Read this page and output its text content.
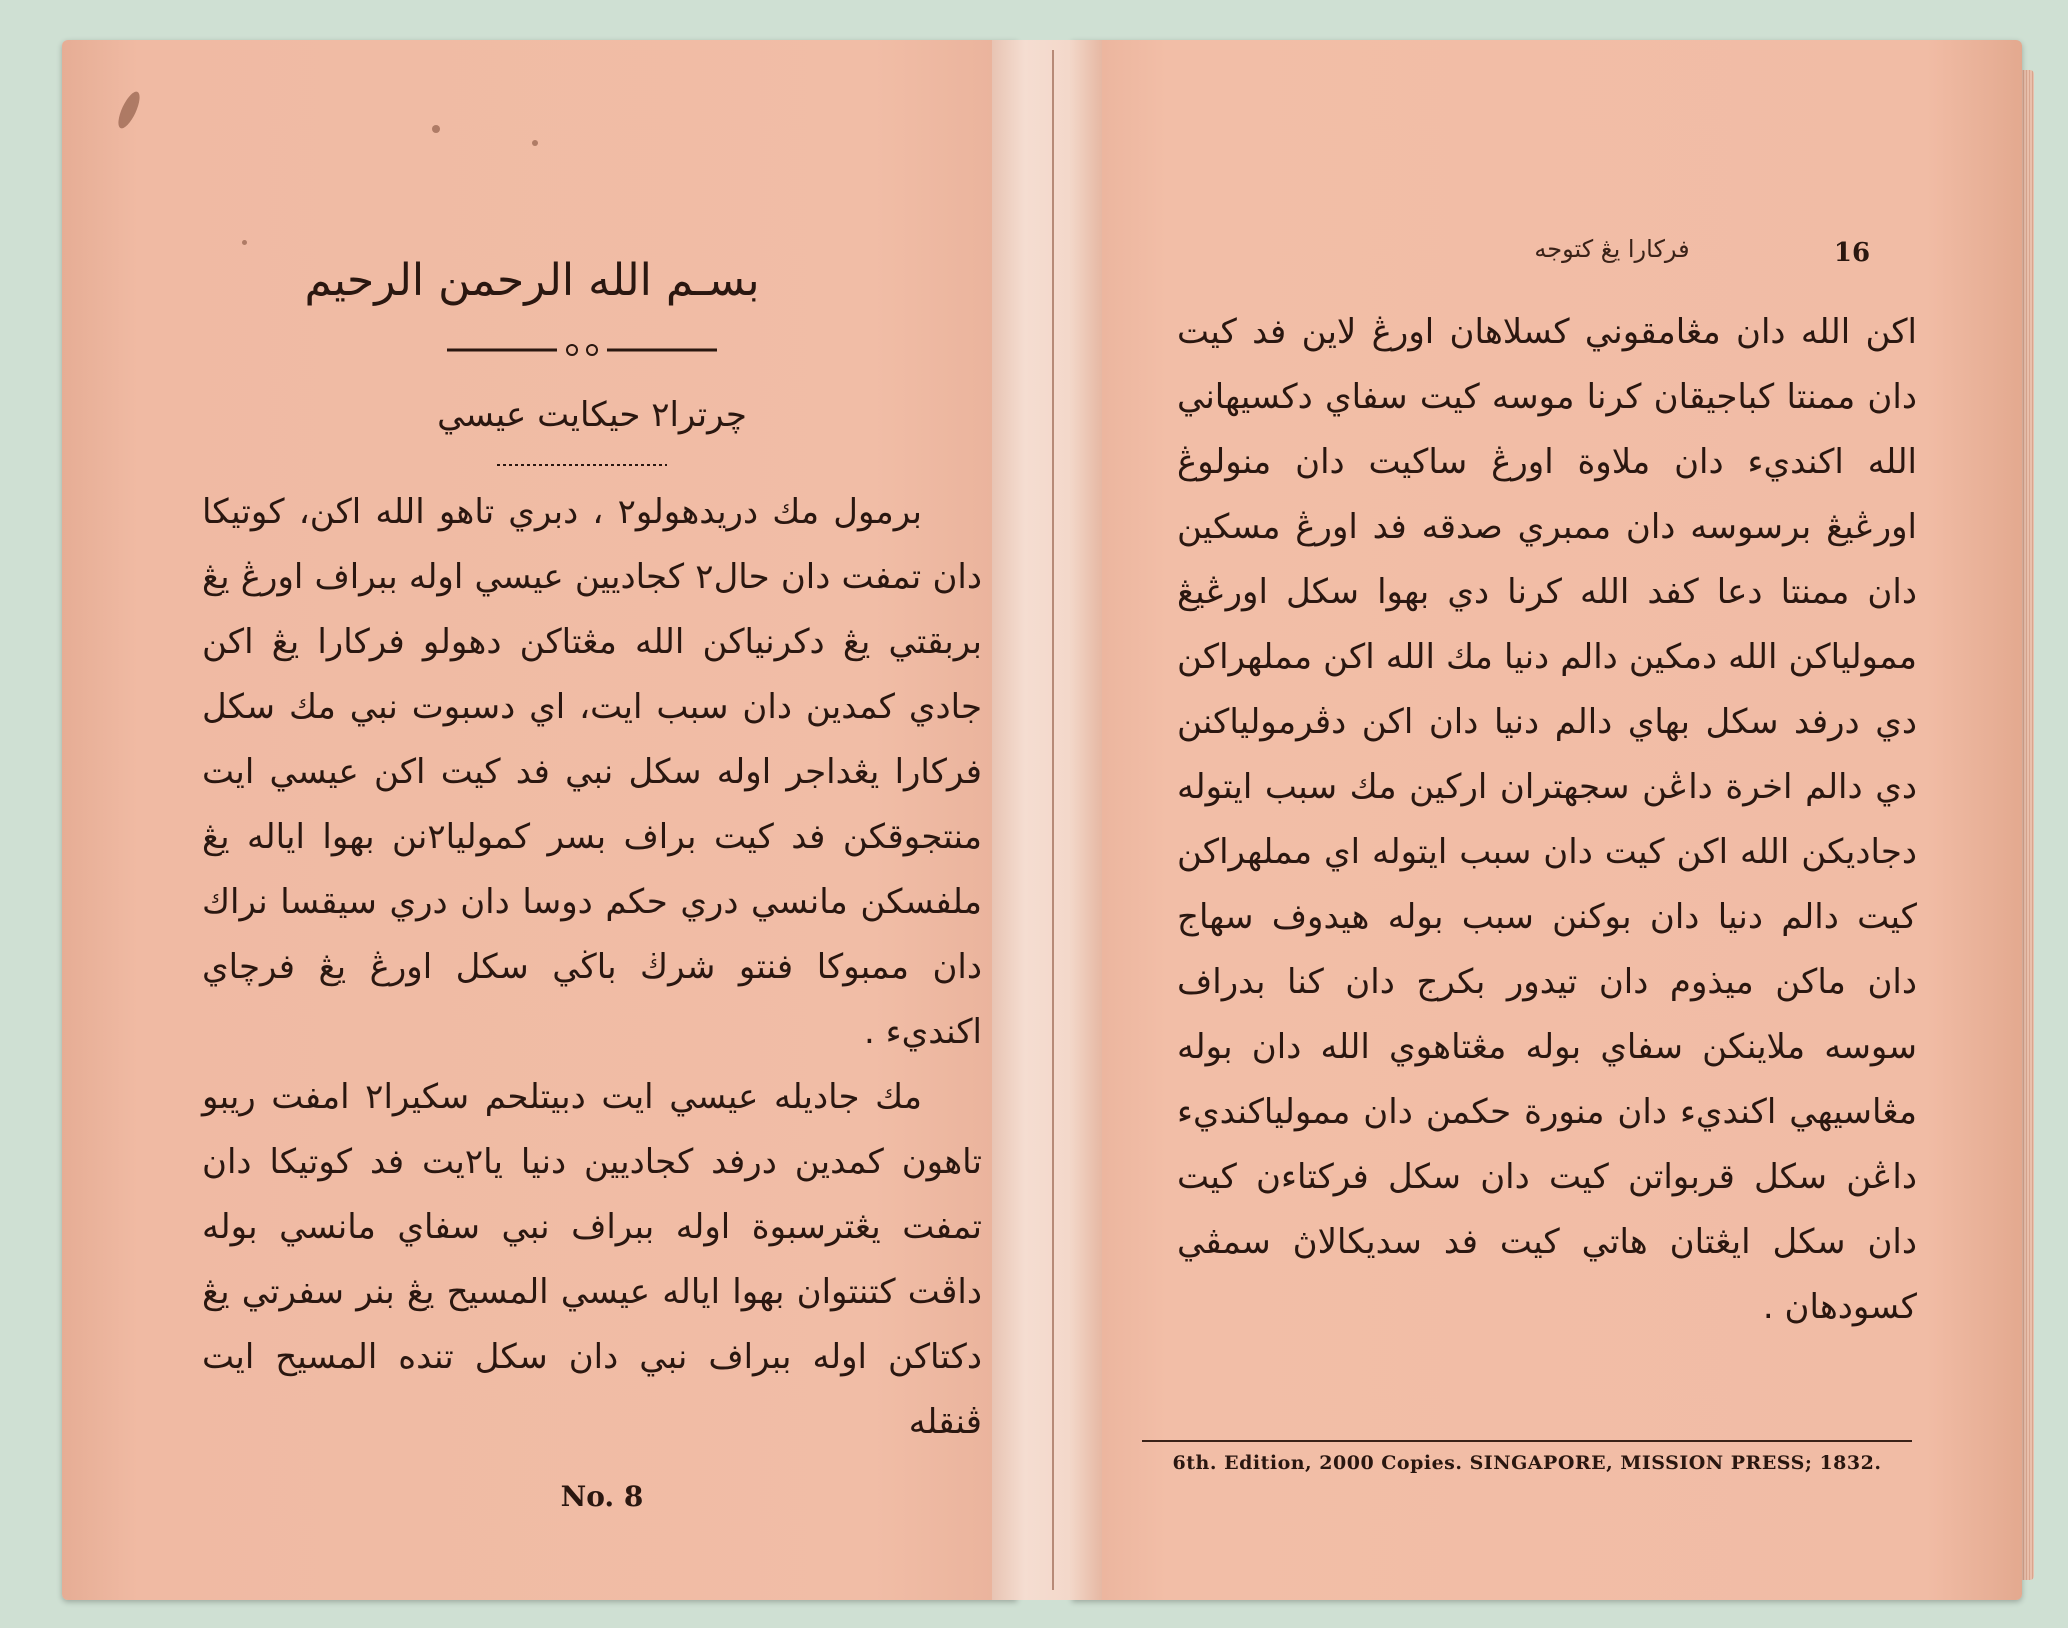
بسـم الله الرحمن الرحيم
چرترا٢ حيكايت عيسي

برمول مك دريدهولو٢ ، دبري تاهو الله اكن، كوتيكا دان تمفت دان حال٢ كجاديين عيسي اوله ببراف اورڠ يڠ بربقتي يڠ دكرنياكن الله مڠتاكن دهولو فركارا يڠ اكن جادي كمدين دان سبب ايت، اي دسبوت نبي مك سكل فركارا يڠداجر اوله سكل نبي فد كيت اكن عيسي ايت منتجوقكن فد كيت براف بسر كموليا٢نن بهوا اياله يڠ ملفسكن مانسي دري حكم دوسا دان دري سيقسا نراك دان ممبوكا فنتو شرڬ باڬي سكل اورڠ يڠ فرچاي اكنديء .

مك جاديله عيسي ايت دبيتلحم سكيرا٢ امفت ريبو تاهون كمدين درفد كجاديين دنيا يا٢يت فد كوتيكا دان تمفت يڠترسبوة اوله ببراف نبي سفاي مانسي بوله داڤت كتنتوان بهوا اياله عيسي المسيح يڠ بنر سفرتي يڠ دكتاكن اوله ببراف نبي دان سكل تنده المسيح ايت ڤنقله

No. 8
فركارا يڠ كتوجه	16

اكن الله دان مڠامقوني كسلاهان اورڠ لاين فد كيت دان ممنتا كباجيقان كرنا موسه كيت سفاي دكسيهاني الله اكنديء دان ملاوة اورڠ ساكيت دان منولوڠ اورڠيڠ برسوسه دان ممبري صدقه فد اورڠ مسكين دان ممنتا دعا كفد الله كرنا دي بهوا سكل اورڠيڠ ممولياكن الله دمكين دالم دنيا مك الله اكن مملهراكن دي درفد سكل بهاي دالم دنيا دان اكن دڤرمولياكنن دي دالم اخرة داڠن سجهتران اركين مك سبب ايتوله دجاديكن الله اكن كيت دان سبب ايتوله اي مملهراكن كيت دالم دنيا دان بوكنن سبب بوله هيدوف سهاج دان ماكن ميذوم دان تيدور بكرج دان كنا بدراف سوسه ملاينكن سفاي بوله مڠتاهوي الله دان بوله مڠاسيهي اكنديء دان منورة حكمن دان ممولياكنديء داڠن سكل قربواتن كيت دان سكل فركتاءن كيت دان سكل ايڠتان هاتي كيت فد سديكالاڽ سمڤي كسودهان .

6th. Edition, 2000 Copies. SINGAPORE, MISSION PRESS; 1832.
